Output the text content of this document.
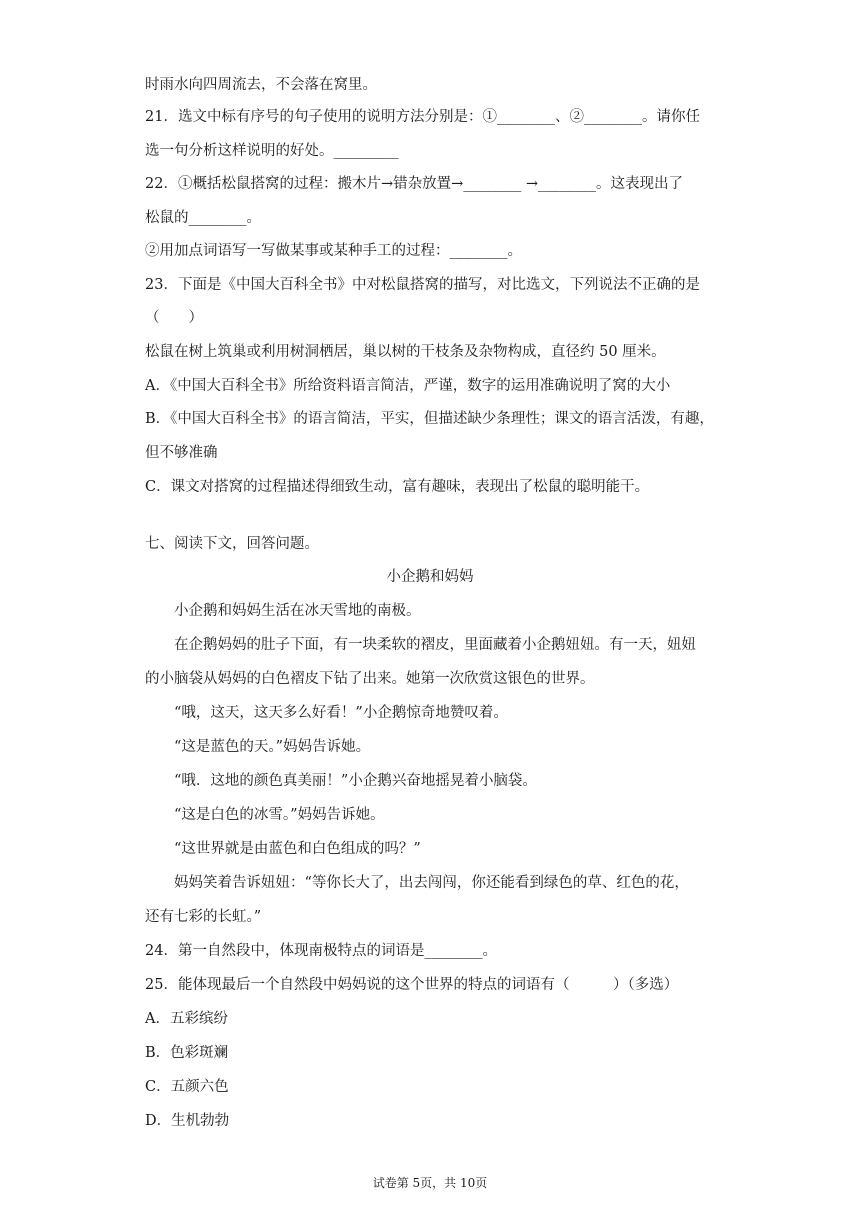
时雨水向四周流去，不会落在窝里。
21．选文中标有序号的句子使用的说明方法分别是：①________、②________。请你任
选一句分析这样说明的好处。_________
22．①概括松鼠搭窝的过程：搬木片→错杂放置→________ →________。这表现出了
松鼠的________。
②用加点词语写一写做某事或某种手工的过程：________。
23．下面是《中国大百科全书》中对松鼠搭窝的描写，对比选文，下列说法不正确的是
（　　）
松鼠在树上筑巢或利用树洞栖居，巢以树的干枝条及杂物构成，直径约 50 厘米。
A．《中国大百科全书》所给资料语言简洁，严谨，数字的运用准确说明了窝的大小
B．《中国大百科全书》的语言简洁，平实，但描述缺少条理性；课文的语言活泼，有趣，
但不够准确
C．课文对搭窝的过程描述得细致生动，富有趣味，表现出了松鼠的聪明能干。
七、阅读下文，回答问题。
小企鹅和妈妈
小企鹅和妈妈生活在冰天雪地的南极。
在企鹅妈妈的肚子下面，有一块柔软的褶皮，里面藏着小企鹅妞妞。有一天，妞妞
的小脑袋从妈妈的白色褶皮下钻了出来。她第一次欣赏这银色的世界。
“哦，这天，这天多么好看！”小企鹅惊奇地赞叹着。
“这是蓝色的天。”妈妈告诉她。
“哦．这地的颜色真美丽！”小企鹅兴奋地摇晃着小脑袋。
“这是白色的冰雪。”妈妈告诉她。
“这世界就是由蓝色和白色组成的吗？”
妈妈笑着告诉妞妞：“等你长大了，出去闯闯，你还能看到绿色的草、红色的花，
还有七彩的长虹。”
24．第一自然段中，体现南极特点的词语是________。
25．能体现最后一个自然段中妈妈说的这个世界的特点的词语有（　　　）（多选）
A．五彩缤纷
B．色彩斑斓
C．五颜六色
D．生机勃勃
试卷第 5页，共 10页
